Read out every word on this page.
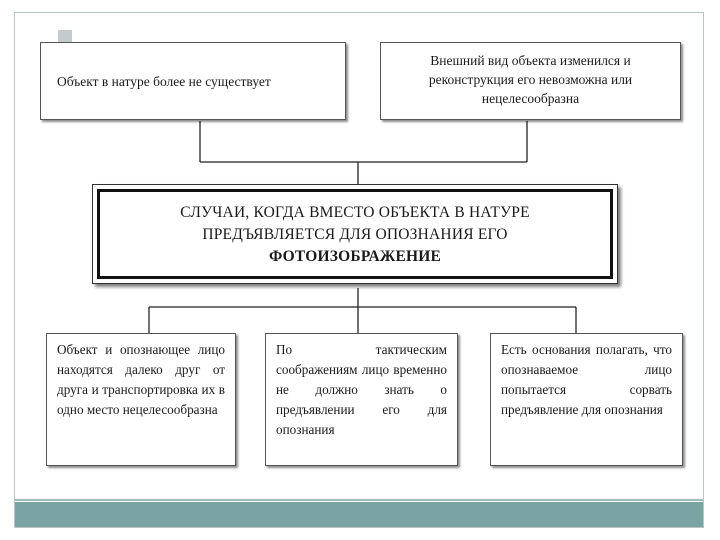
Объект в натуре более не существует
Внешний вид объекта изменился и реконструкция его невозможна или нецелесообразна
СЛУЧАИ, КОГДА ВМЕСТО ОБЪЕКТА В НАТУРЕ
ПРЕДЪЯВЛЯЕТСЯ ДЛЯ ОПОЗНАНИЯ ЕГО
ФОТОИЗОБРАЖЕНИЕ
Объект и опознающее лицо находятся далеко друг от друга и транспортировка их в одно место нецелесообразна
По тактическим соображениям лицо временно не должно знать о предъявлении его для опознания
Есть основания полагать, что опознаваемое лицо попытается сорвать предъявление для опознания
